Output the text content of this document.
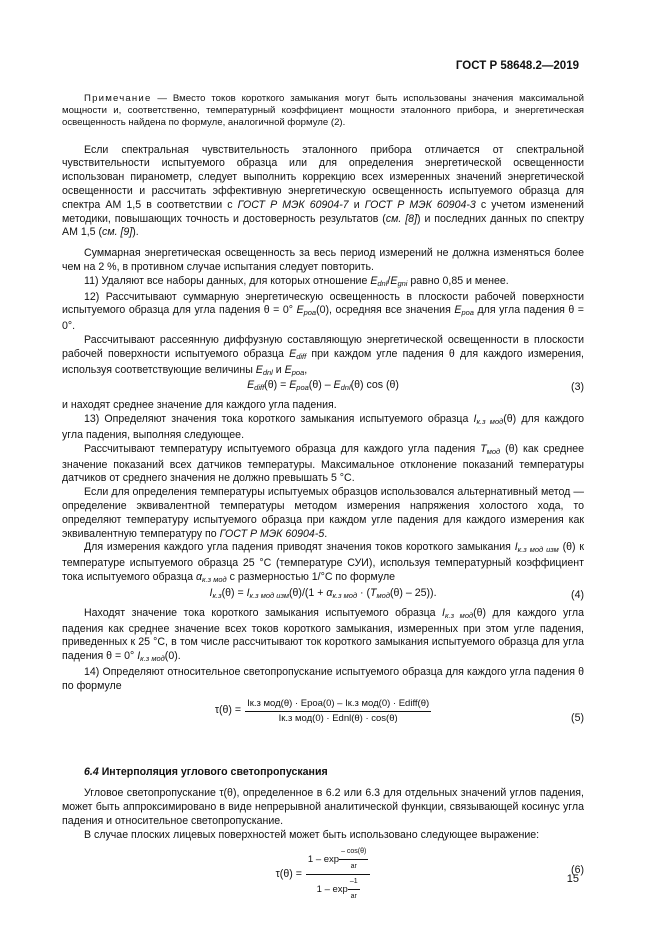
ГОСТ Р 58648.2—2019

Примечание — Вместо токов короткого замыкания могут быть использованы значения максимальной мощности и, соответственно, температурный коэффициент мощности эталонного прибора, и энергетическая освещенность найдена по формуле, аналогичной формуле (2).

Если спектральная чувствительность эталонного прибора отличается от спектральной чувствительности испытуемого образца или для определения энергетической освещенности использован пиранометр, следует выполнить коррекцию всех измеренных значений энергетической освещенности и рассчитать эффективную энергетическую освещенность испытуемого образца для спектра АМ 1,5 в соответствии с ГОСТ Р МЭК 60904-7 и ГОСТ Р МЭК 60904-3 с учетом изменений методики, повышающих точность и достоверность результатов (см. [8]) и последних данных по спектру АМ 1,5 (см. [9]).

Суммарная энергетическая освещенность за весь период измерений не должна изменяться более чем на 2 %, в противном случае испытания следует повторить.

11) Удаляют все наборы данных, для которых отношение $E_{dnl}/E_{gni}$ равно 0,85 и менее.

12) Рассчитывают суммарную энергетическую освещенность в плоскости рабочей поверхности испытуемого образца для угла падения θ = 0° $E_{poa}(0)$, осредняя все значения $E_{poa}$ для угла падения θ = 0°.

Рассчитывают рассеянную диффузную составляющую энергетической освещенности в плоскости рабочей поверхности испытуемого образца $E_{diff}$ при каждом угле падения θ для каждого измерения, используя соответствующие величины $E_{dnl}$ и $E_{poa}$,

$E_{diff}(\theta) = E_{poa}(\theta) - E_{dnl}(\theta)$ cos (θ)	(3)

и находят среднее значение для каждого угла падения.

13) Определяют значения тока короткого замыкания испытуемого образца $I_{к.з мод}(\theta)$ для каждого угла падения, выполняя следующее.

Рассчитывают температуру испытуемого образца для каждого угла падения $T_{мод}$ (θ) как среднее значение показаний всех датчиков температуры. Максимальное отклонение показаний температуры датчиков от среднего значения не должно превышать 5 °С.

Если для определения температуры испытуемых образцов использовался альтернативный метод — определение эквивалентной температуры методом измерения напряжения холостого хода, то определяют температуру испытуемого образца при каждом угле падения для каждого измерения как эквивалентную температуру по ГОСТ Р МЭК 60904-5.

Для измерения каждого угла падения приводят значения токов короткого замыкания $I_{к.з мод изм}$ (θ) к температуре испытуемого образца 25 °С (температуре СУИ), используя температурный коэффициент тока испытуемого образца $\alpha_{к.з мод}$ с размерностью 1/°С по формуле

$I_{к.з}(\theta) = I_{к.з мод изм}(\theta)/(1 + \alpha_{к.з мод} \cdot (T_{мод}(\theta) - 25))$.	(4)

Находят значение тока короткого замыкания испытуемого образца $I_{к.з мод}(\theta)$ для каждого угла падения как среднее значение всех токов короткого замыкания, измеренных при этом угле падения, приведенных к 25 °С, в том числе рассчитывают ток короткого замыкания испытуемого образца для угла падения θ = 0° $I_{к.з мод}(0)$.

14) Определяют относительное светопропускание испытуемого образца для каждого угла падения θ по формуле

$\tau(\theta) = \frac{\text{Iк.з мод(θ) · Epoa(0) – Iк.з мод(0) · Ediff(θ)}}{\text{Iк.з мод(0) · Ednl(θ) · cos(θ)}}$	(5)
6.4 Интерполяция углового светопропускания

Угловое светопропускание τ(θ), определенное в 6.2 или 6.3 для отдельных значений углов падения, может быть аппроксимировано в виде непрерывной аналитической функции, связывающей косинус угла падения и относительное светопропускание.

В случае плоских лицевых поверхностей может быть использовано следующее выражение:

$\tau(\theta) = \frac{1 - \exp \frac{- \cos(\theta)}{ar}}{1 - \exp \frac{-1}{ar}}$	(6)
15
